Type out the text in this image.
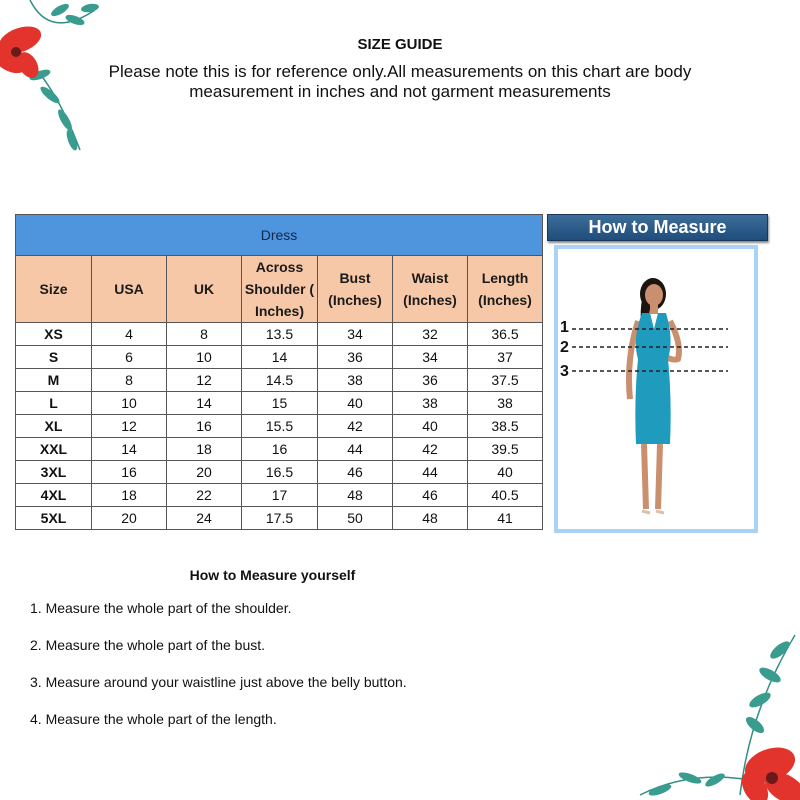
SIZE GUIDE
Please note this is for reference only.All measurements on this chart are body measurement in inches and not garment measurements
Dress						
Size	USA	UK	Across Shoulder ( Inches)	Bust (Inches)	Waist (Inches)	Length (Inches)
XS	4	8	13.5	34	32	36.5
S	6	10	14	36	34	37
M	8	12	14.5	38	36	37.5
L	10	14	15	40	38	38
XL	12	16	15.5	42	40	38.5
XXL	14	18	16	44	42	39.5
3XL	16	20	16.5	46	44	40
4XL	18	22	17	48	46	40.5
5XL	20	24	17.5	50	48	41
How to Measure
1
2
3
How to Measure yourself
1. Measure the whole part of the shoulder.
2. Measure the whole part of the bust.
3. Measure around your waistline just above the belly button.
4. Measure the whole part of the length.
